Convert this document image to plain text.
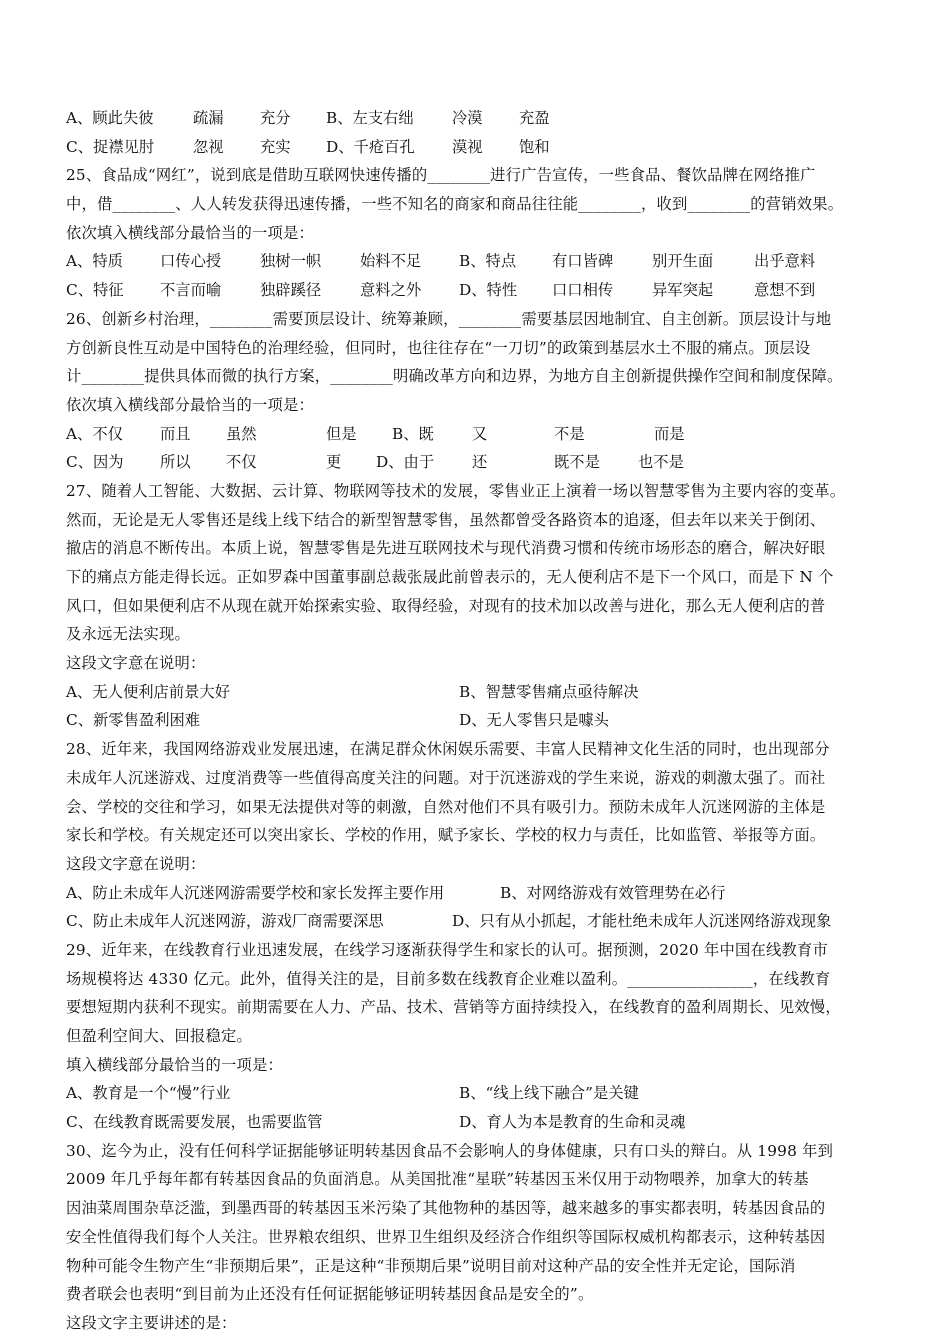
A、顾此失彼	疏漏 充分 B、左支右绌	冷漠 充盈
C、捉襟见肘	忽视 充实 D、千疮百孔 漠视 饱和
25、食品成“网红”，说到底是借助互联网快速传播的________进行广告宣传，一些食品、餐饮品牌在网络推广
中，借________、人人转发获得迅速传播，一些不知名的商家和商品往往能________，收到________的营销效果。
依次填入横线部分最恰当的一项是：
A、特质 口传心授	独树一帜	始料不足 B、特点 有口皆碑	别开生面	出乎意料
C、特征 不言而喻	独辟蹊径	意料之外 D、特性 口口相传	异军突起	意想不到
26、创新乡村治理，________需要顶层设计、统筹兼顾，________需要基层因地制宜、自主创新。顶层设计与地
方创新良性互动是中国特色的治理经验，但同时，也往往存在“一刀切”的政策到基层水土不服的痛点。顶层设
计________提供具体而微的执行方案，________明确改革方向和边界，为地方自主创新提供操作空间和制度保障。
依次填入横线部分最恰当的一项是：
A、不仅 而且 虽然	但是 B、既 又	不是	而是
C、因为 所以 不仅	更 D、由于 还	既不是 也不是
27、随着人工智能、大数据、云计算、物联网等技术的发展，零售业正上演着一场以智慧零售为主要内容的变革。
然而，无论是无人零售还是线上线下结合的新型智慧零售，虽然都曾受各路资本的追逐，但去年以来关于倒闭、
撤店的消息不断传出。本质上说，智慧零售是先进互联网技术与现代消费习惯和传统市场形态的磨合，解决好眼
下的痛点方能走得长远。正如罗森中国董事副总裁张晟此前曾表示的，无人便利店不是下一个风口，而是下 N 个
风口，但如果便利店不从现在就开始探索实验、取得经验，对现有的技术加以改善与进化，那么无人便利店的普
及永远无法实现。
这段文字意在说明：
A、无人便利店前景大好	B、智慧零售痛点亟待解决
C、新零售盈利困难	D、无人零售只是噱头
28、近年来，我国网络游戏业发展迅速，在满足群众休闲娱乐需要、丰富人民精神文化生活的同时，也出现部分
未成年人沉迷游戏、过度消费等一些值得高度关注的问题。对于沉迷游戏的学生来说，游戏的刺激太强了。而社
会、学校的交往和学习，如果无法提供对等的刺激，自然对他们不具有吸引力。预防未成年人沉迷网游的主体是
家长和学校。有关规定还可以突出家长、学校的作用，赋予家长、学校的权力与责任，比如监管、举报等方面。
这段文字意在说明：
A、防止未成年人沉迷网游需要学校和家长发挥主要作用	B、对网络游戏有效管理势在必行
C、防止未成年人沉迷网游，游戏厂商需要深思	D、只有从小抓起，才能杜绝未成年人沉迷网络游戏现象
29、近年来，在线教育行业迅速发展，在线学习逐渐获得学生和家长的认可。据预测，2020 年中国在线教育市
场规模将达 4330 亿元。此外，值得关注的是，目前多数在线教育企业难以盈利。________________，在线教育
要想短期内获利不现实。前期需要在人力、产品、技术、营销等方面持续投入，在线教育的盈利周期长、见效慢，
但盈利空间大、回报稳定。
填入横线部分最恰当的一项是：
A、教育是一个“慢”行业	B、“线上线下融合”是关键
C、在线教育既需要发展，也需要监管	D、育人为本是教育的生命和灵魂
30、迄今为止，没有任何科学证据能够证明转基因食品不会影响人的身体健康，只有口头的辩白。从 1998 年到
2009 年几乎每年都有转基因食品的负面消息。从美国批准“星联”转基因玉米仅用于动物喂养，加拿大的转基
因油菜周围杂草泛滥，到墨西哥的转基因玉米污染了其他物种的基因等，越来越多的事实都表明，转基因食品的
安全性值得我们每个人关注。世界粮农组织、世界卫生组织及经济合作组织等国际权威机构都表示，这种转基因
物种可能令生物产生“非预期后果”，正是这种“非预期后果”说明目前对这种产品的安全性并无定论，国际消
费者联会也表明“到目前为止还没有任何证据能够证明转基因食品是安全的”。
这段文字主要讲述的是：
